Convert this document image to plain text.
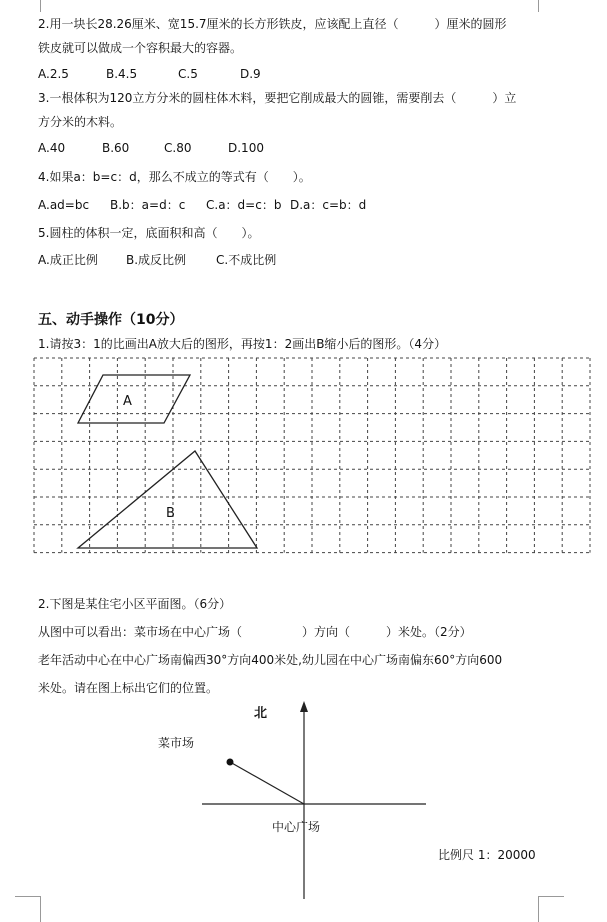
2.用一块长28.26厘米、宽15.7厘米的长方形铁皮，应该配上直径（　　　）厘米的圆形
铁皮就可以做成一个容积最大的容器。
A.2.5	B.4.5	C.5	D.9
3.一根体积为120立方分米的圆柱体木料，要把它削成最大的圆锥，需要削去（　　　）立
方分米的木料。
A.40	B.60	C.80	D.100
4.如果a：b=c：d，那么不成立的等式有（　　）。
A.ad=bc B.b：a=d：c C.a：d=c：b D.a：c=b：d
5.圆柱的体积一定，底面积和高（　　）。
A.成正比例 B.成反比例 C.不成比例
五、动手操作（10分）
1.请按3：1的比画出A放大后的图形，再按1：2画出B缩小后的图形。（4分）
A
B
2.下图是某住宅小区平面图。（6分）
从图中可以看出：菜市场在中心广场（　　　　　）方向（　　　）米处。（2分）
老年活动中心在中心广场南偏西30°方向400米处,幼儿园在中心广场南偏东60°方向600
米处。请在图上标出它们的位置。
北
菜市场
中心广场
比例尺 1：20000
